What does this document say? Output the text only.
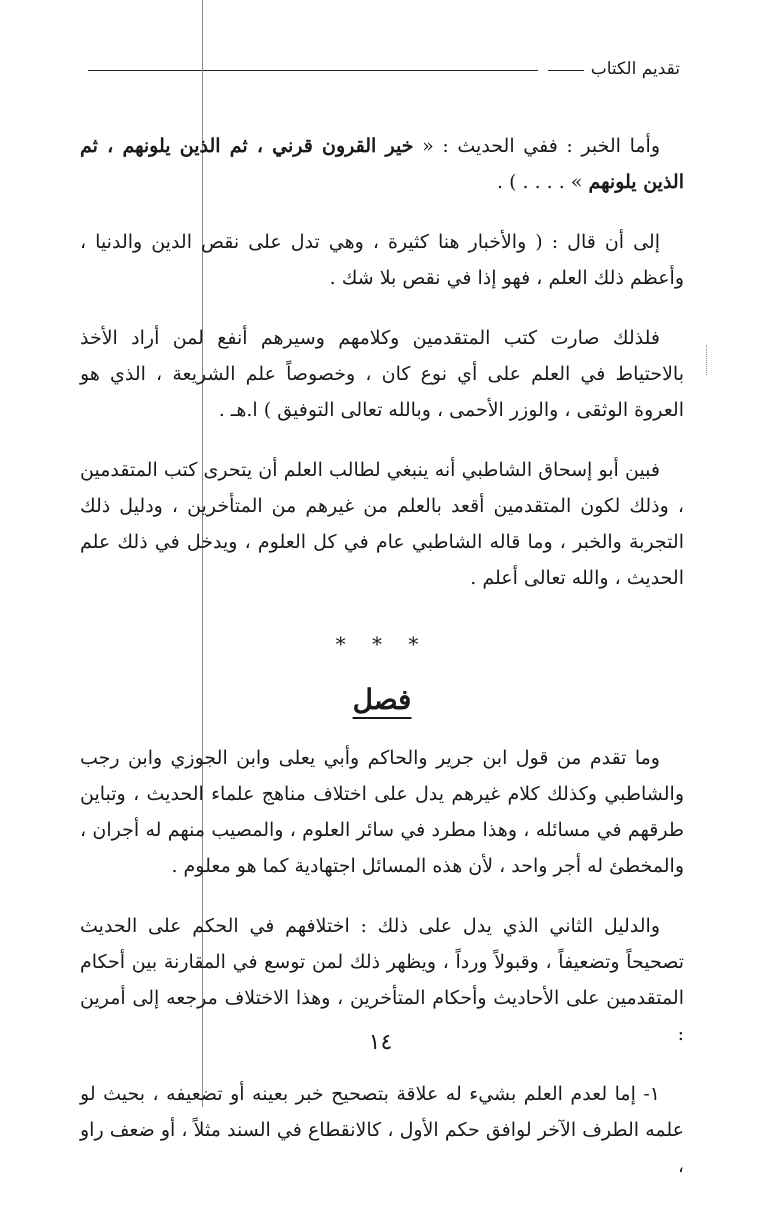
تقديم الكتاب

وأما الخبر : ففي الحديث : « خير القرون قرني ، ثم الذين يلونهم ، ثم الذين يلونهم » . . . . ) .

إلى أن قال : ( والأخبار هنا كثيرة ، وهي تدل على نقص الدين والدنيا ، وأعظم ذلك العلم ، فهو إذا في نقص بلا شك .

فلذلك صارت كتب المتقدمين وكلامهم وسيرهم أنفع لمن أراد الأخذ بالاحتياط في العلم على أي نوع كان ، وخصوصاً علم الشريعة ، الذي هو العروة الوثقى ، والوزر الأحمى ، وبالله تعالى التوفيق ) ا.هـ .

فبين أبو إسحاق الشاطبي أنه ينبغي لطالب العلم أن يتحرى كتب المتقدمين ، وذلك لكون المتقدمين أقعد بالعلم من غيرهم من المتأخرين ، ودليل ذلك التجربة والخبر ، وما قاله الشاطبي عام في كل العلوم ، ويدخل في ذلك علم الحديث ، والله تعالى أعلم .

* * *
فصل

وما تقدم من قول ابن جرير والحاكم وأبي يعلى وابن الجوزي وابن رجب والشاطبي وكذلك كلام غيرهم يدل على اختلاف مناهج علماء الحديث ، وتباين طرقهم في مسائله ، وهذا مطرد في سائر العلوم ، والمصيب منهم له أجران ، والمخطئ له أجر واحد ، لأن هذه المسائل اجتهادية كما هو معلوم .

والدليل الثاني الذي يدل على ذلك : اختلافهم في الحكم على الحديث تصحيحاً وتضعيفاً ، وقبولاً ورداً ، ويظهر ذلك لمن توسع في المقارنة بين أحكام المتقدمين على الأحاديث وأحكام المتأخرين ، وهذا الاختلاف مرجعه إلى أمرين :

١- إما لعدم العلم بشيء له علاقة بتصحيح خبر بعينه أو تضعيفه ، بحيث لو علمه الطرف الآخر لوافق حكم الأول ، كالانقطاع في السند مثلاً ، أو ضعف راو ،

١٤
